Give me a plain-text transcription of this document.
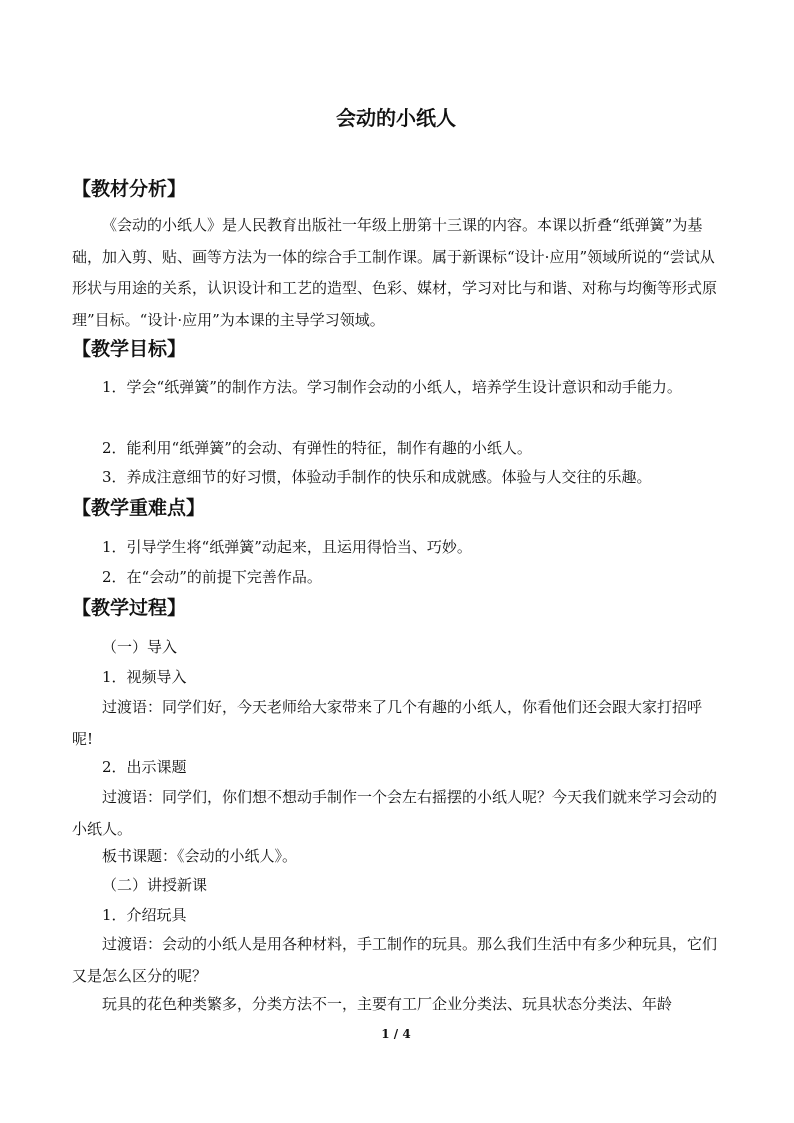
会动的小纸人
【教材分析】

《会动的小纸人》是人民教育出版社一年级上册第十三课的内容。本课以折叠“纸弹簧”为基础，加入剪、贴、画等方法为一体的综合手工制作课。属于新课标“设计·应用”领域所说的“尝试从形状与用途的关系，认识设计和工艺的造型、色彩、媒材，学习对比与和谐、对称与均衡等形式原理”目标。“设计·应用”为本课的主导学习领域。

【教学目标】

1．学会“纸弹簧”的制作方法。学习制作会动的小纸人，培养学生设计意识和动手能力。

2．能利用“纸弹簧”的会动、有弹性的特征，制作有趣的小纸人。

3．养成注意细节的好习惯，体验动手制作的快乐和成就感。体验与人交往的乐趣。

【教学重难点】

1．引导学生将“纸弹簧”动起来，且运用得恰当、巧妙。

2．在“会动”的前提下完善作品。

【教学过程】

（一）导入

1．视频导入

过渡语：同学们好，今天老师给大家带来了几个有趣的小纸人，你看他们还会跟大家打招呼呢!

2．出示课题

过渡语：同学们，你们想不想动手制作一个会左右摇摆的小纸人呢？今天我们就来学习会动的小纸人。

板书课题：《会动的小纸人》。

（二）讲授新课

1．介绍玩具

过渡语：会动的小纸人是用各种材料，手工制作的玩具。那么我们生活中有多少种玩具，它们又是怎么区分的呢？

玩具的花色种类繁多，分类方法不一，主要有工厂企业分类法、玩具状态分类法、年龄

1 / 4
